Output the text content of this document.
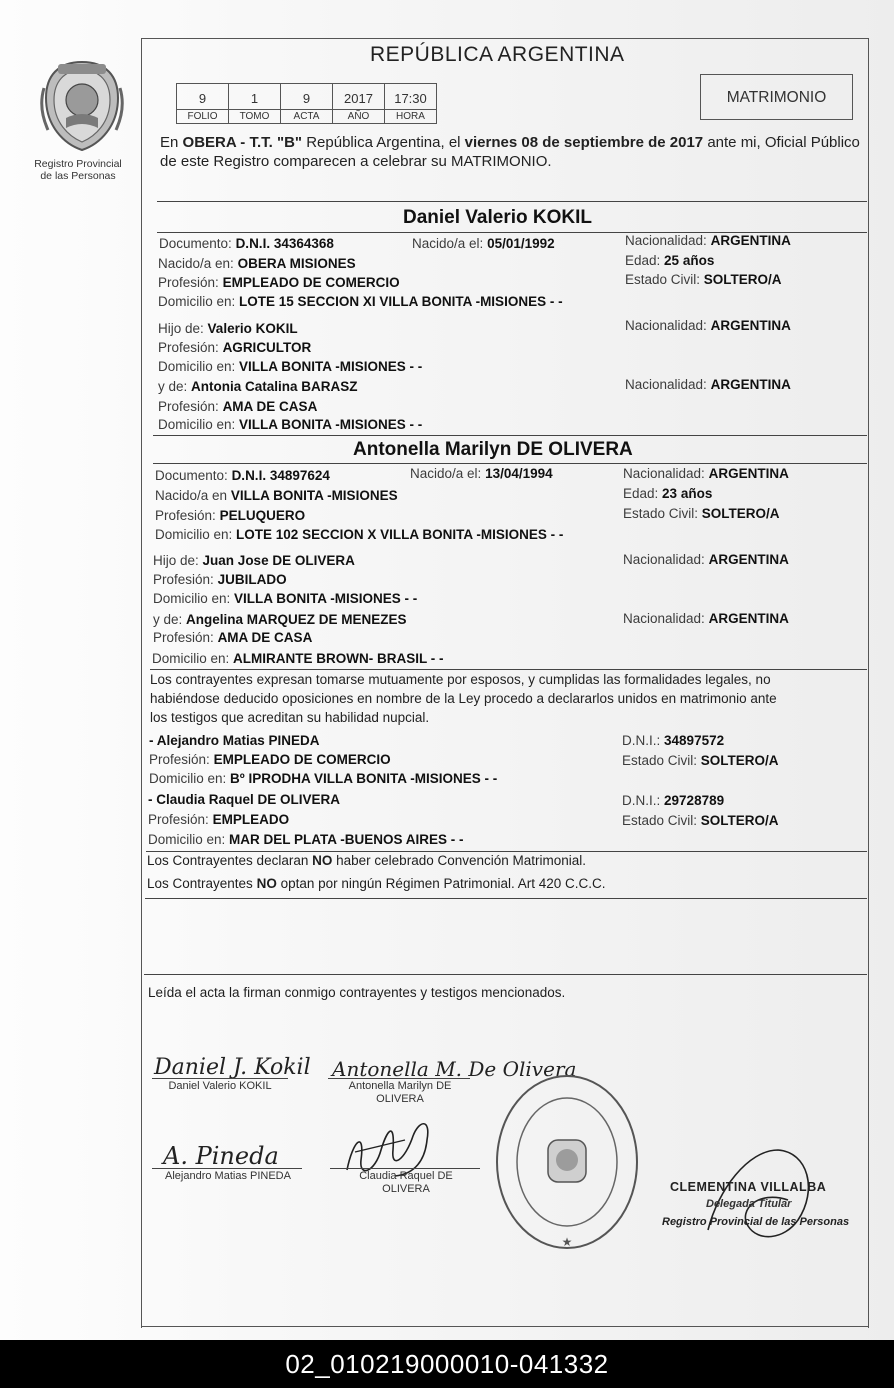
Registro Provincial
de las Personas
REPÚBLICA ARGENTINA
9	1	9	2017	17:30
FOLIO	TOMO	ACTA	AÑO	HORA
MATRIMONIO
En OBERA - T.T. "B" República Argentina, el viernes 08 de septiembre de 2017 ante mi, Oficial Público de este Registro comparecen a celebrar su MATRIMONIO.
Daniel Valerio KOKIL
Documento: D.N.I. 34364368	Nacido/a el: 05/01/1992	Nacionalidad: ARGENTINA
Nacido/a en: OBERA MISIONES	Edad: 25 años
Profesión: EMPLEADO DE COMERCIO	Estado Civil: SOLTERO/A
Domicilio en: LOTE 15 SECCION XI VILLA BONITA -MISIONES - -
Hijo de: Valerio KOKIL	Nacionalidad: ARGENTINA
Profesión: AGRICULTOR
Domicilio en: VILLA BONITA -MISIONES - -
y de: Antonia Catalina BARASZ	Nacionalidad: ARGENTINA
Profesión: AMA DE CASA
Domicilio en: VILLA BONITA -MISIONES - -
Antonella Marilyn DE OLIVERA
Documento: D.N.I. 34897624	Nacido/a el: 13/04/1994	Nacionalidad: ARGENTINA
Nacido/a en VILLA BONITA -MISIONES	Edad: 23 años
Profesión: PELUQUERO	Estado Civil: SOLTERO/A
Domicilio en: LOTE 102 SECCION X VILLA BONITA -MISIONES - -
Hijo de: Juan Jose DE OLIVERA	Nacionalidad: ARGENTINA
Profesión: JUBILADO
Domicilio en: VILLA BONITA -MISIONES - -
y de: Angelina MARQUEZ DE MENEZES	Nacionalidad: ARGENTINA
Profesión: AMA DE CASA
Domicilio en: ALMIRANTE BROWN- BRASIL - -
Los contrayentes expresan tomarse mutuamente por esposos, y cumplidas las formalidades legales, no
habiéndose deducido oposiciones en nombre de la Ley procedo a declararlos unidos en matrimonio ante
los testigos que acreditan su habilidad nupcial.
- Alejandro Matias PINEDA	D.N.I.: 34897572
Profesión: EMPLEADO DE COMERCIO	Estado Civil: SOLTERO/A
Domicilio en: Bº IPRODHA VILLA BONITA -MISIONES - -
- Claudia Raquel DE OLIVERA	D.N.I.: 29728789
Profesión: EMPLEADO	Estado Civil: SOLTERO/A
Domicilio en: MAR DEL PLATA -BUENOS AIRES - -
Los Contrayentes declaran NO haber celebrado Convención Matrimonial.
Los Contrayentes NO optan por ningún Régimen Patrimonial. Art 420 C.C.C.
Leída el acta la firman conmigo contrayentes y testigos mencionados.
Daniel J. Kokil
Daniel Valerio KOKIL
Antonella M. De Olivera
Antonella Marilyn DE
OLIVERA
A. Pineda
Alejandro Matias PINEDA	Claudia Raquel DE
OLIVERA
★
CLEMENTINA VILLALBA
Delegada Titular
Registro Provincial de las Personas
02_010219000010-041332
